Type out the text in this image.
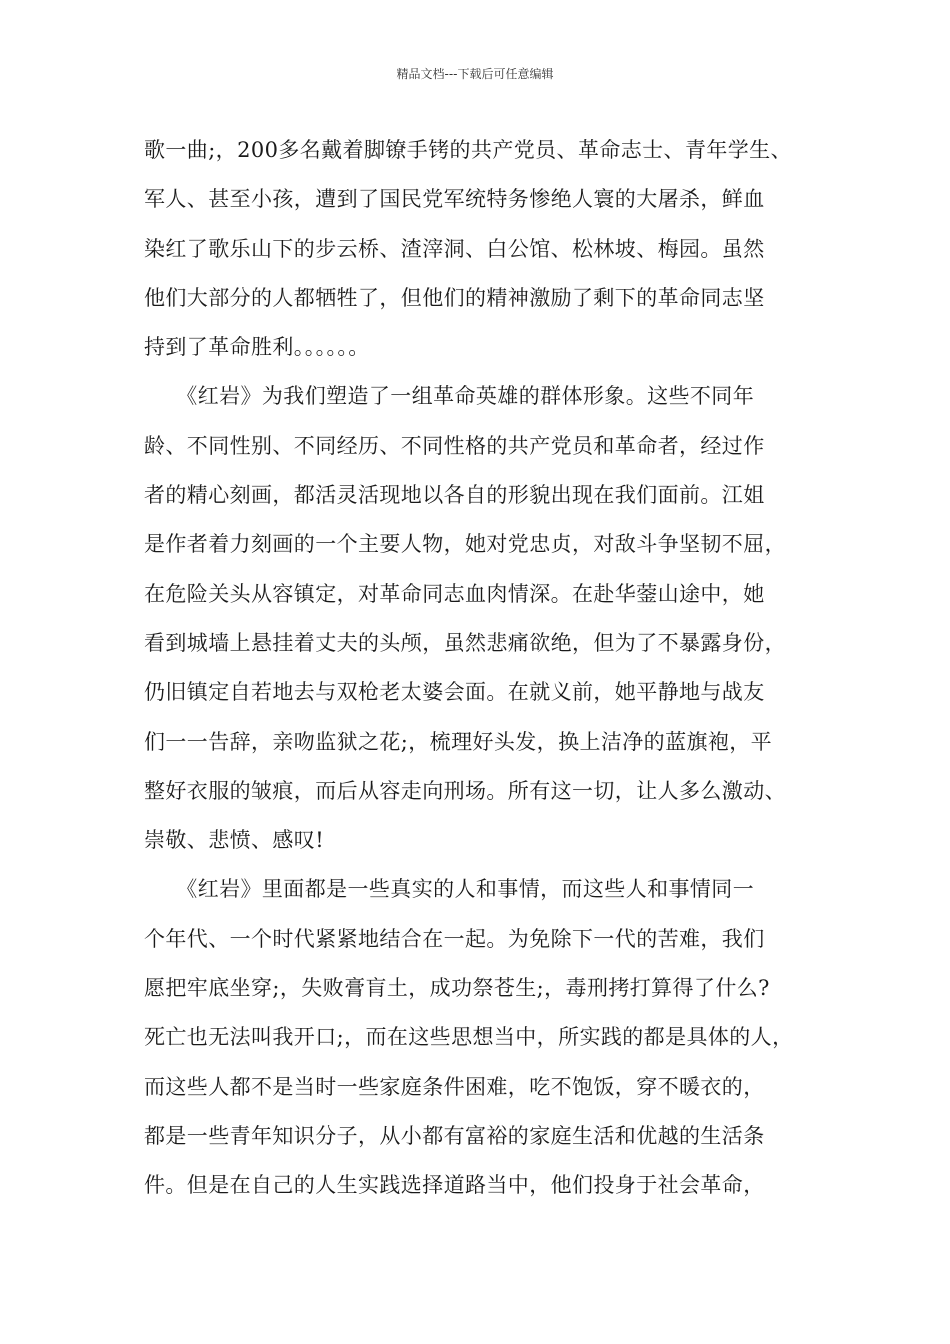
精品文档---下载后可任意编辑
歌一曲;，200多名戴着脚镣手铐的共产党员、革命志士、青年学生、
军人、甚至小孩，遭到了国民党军统特务惨绝人寰的大屠杀，鲜血
染红了歌乐山下的步云桥、渣滓洞、白公馆、松林坡、梅园。虽然
他们大部分的人都牺牲了，但他们的精神激励了剩下的革命同志坚
持到了革命胜利。。。。。。
　　《红岩》为我们塑造了一组革命英雄的群体形象。这些不同年
龄、不同性别、不同经历、不同性格的共产党员和革命者，经过作
者的精心刻画，都活灵活现地以各自的形貌出现在我们面前。江姐
是作者着力刻画的一个主要人物，她对党忠贞，对敌斗争坚韧不屈，
在危险关头从容镇定，对革命同志血肉情深。在赴华蓥山途中，她
看到城墙上悬挂着丈夫的头颅，虽然悲痛欲绝，但为了不暴露身份，
仍旧镇定自若地去与双枪老太婆会面。在就义前，她平静地与战友
们一一告辞，亲吻监狱之花;，梳理好头发，换上洁净的蓝旗袍，平
整好衣服的皱痕，而后从容走向刑场。所有这一切，让人多么激动、
崇敬、悲愤、感叹!
　　《红岩》里面都是一些真实的人和事情，而这些人和事情同一
个年代、一个时代紧紧地结合在一起。为免除下一代的苦难，我们
愿把牢底坐穿;，失败膏肓土，成功祭苍生;，毒刑拷打算得了什么?
死亡也无法叫我开口;，而在这些思想当中，所实践的都是具体的人，
而这些人都不是当时一些家庭条件困难，吃不饱饭，穿不暖衣的，
都是一些青年知识分子，从小都有富裕的家庭生活和优越的生活条
件。但是在自己的人生实践选择道路当中，他们投身于社会革命，
